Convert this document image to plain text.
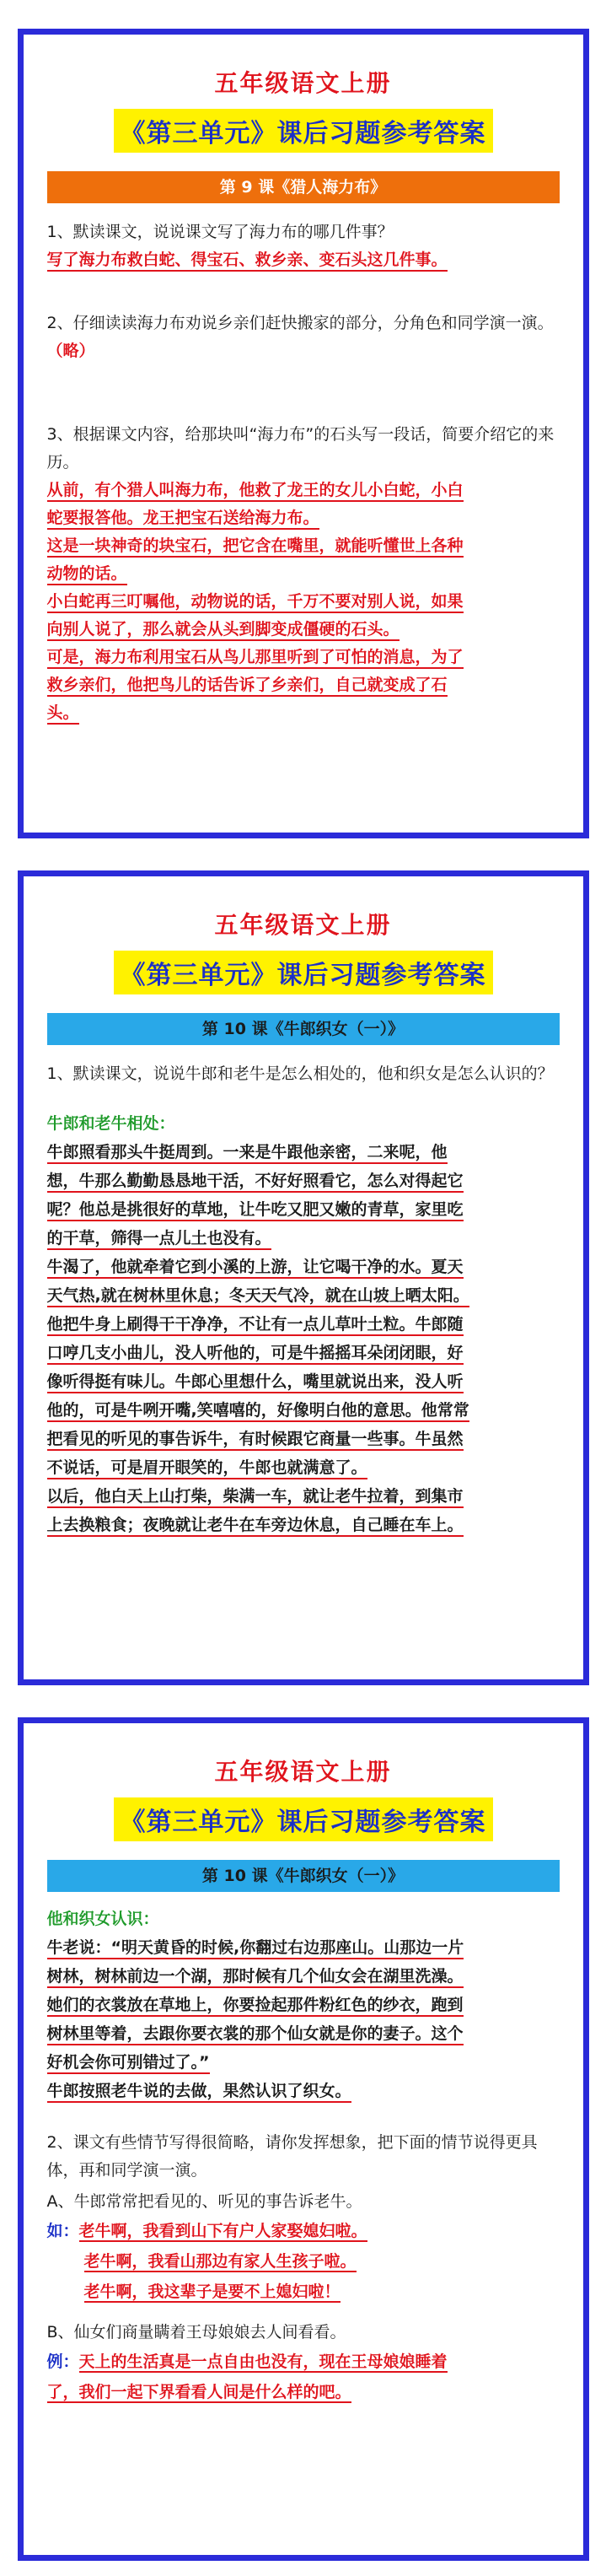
五年级语文上册
《第三单元》课后习题参考答案
第 9 课《猎人海力布》
1、默读课文，说说课文写了海力布的哪几件事？
写了海力布救白蛇、得宝石、救乡亲、变石头这几件事。
2、仔细读读海力布劝说乡亲们赶快搬家的部分，分角色和同学演一演。
（略）
3、根据课文内容，给那块叫“海力布”的石头写一段话，简要介绍它的来历。
从前，有个猎人叫海力布，他救了龙王的女儿小白蛇，小白
蛇要报答他。龙王把宝石送给海力布。
这是一块神奇的块宝石，把它含在嘴里，就能听懂世上各种
动物的话。
小白蛇再三叮嘱他，动物说的话，千万不要对别人说，如果
向别人说了，那么就会从头到脚变成僵硬的石头。
可是，海力布利用宝石从鸟儿那里听到了可怕的消息，为了
救乡亲们，他把鸟儿的话告诉了乡亲们，自己就变成了石
头。
五年级语文上册
《第三单元》课后习题参考答案
第 10 课《牛郎织女（一）》
1、默读课文，说说牛郎和老牛是怎么相处的，他和织女是怎么认识的？
牛郎和老牛相处：
牛郎照看那头牛挺周到。一来是牛跟他亲密，二来呢，他
想，牛那么勤勤恳恳地干活，不好好照看它，怎么对得起它
呢？他总是挑很好的草地，让牛吃又肥又嫩的青草，家里吃
的干草，筛得一点儿土也没有。
牛渴了，他就牵着它到小溪的上游，让它喝干净的水。夏天
天气热,就在树林里休息；冬天天气冷，就在山坡上晒太阳。
他把牛身上刷得干干净净，不让有一点儿草叶土粒。牛郎随
口哼几支小曲儿，没人听他的，可是牛摇摇耳朵闭闭眼，好
像听得挺有味儿。牛郎心里想什么，嘴里就说出来，没人听
他的，可是牛咧开嘴,笑嘻嘻的，好像明白他的意思。他常常
把看见的听见的事告诉牛，有时候跟它商量一些事。牛虽然
不说话，可是眉开眼笑的，牛郎也就满意了。
以后，他白天上山打柴，柴满一车，就让老牛拉着，到集市
上去换粮食；夜晚就让老牛在车旁边休息，自己睡在车上。
五年级语文上册
《第三单元》课后习题参考答案
第 10 课《牛郎织女（一）》
他和织女认识：
牛老说：“明天黄昏的时候,你翻过右边那座山。山那边一片
树林，树林前边一个湖，那时候有几个仙女会在湖里洗澡。
她们的衣裳放在草地上，你要捡起那件粉红色的纱衣，跑到
树林里等着，去跟你要衣裳的那个仙女就是你的妻子。这个
好机会你可别错过了。”
牛郎按照老牛说的去做，果然认识了织女。
2、课文有些情节写得很简略，请你发挥想象，把下面的情节说得更具体，再和同学演一演。
A、牛郎常常把看见的、听见的事告诉老牛。
如：老牛啊，我看到山下有户人家娶媳妇啦。
老牛啊，我看山那边有家人生孩子啦。
老牛啊，我这辈子是要不上媳妇啦！
B、仙女们商量瞒着王母娘娘去人间看看。
例：天上的生活真是一点自由也没有，现在王母娘娘睡着
了，我们一起下界看看人间是什么样的吧。
